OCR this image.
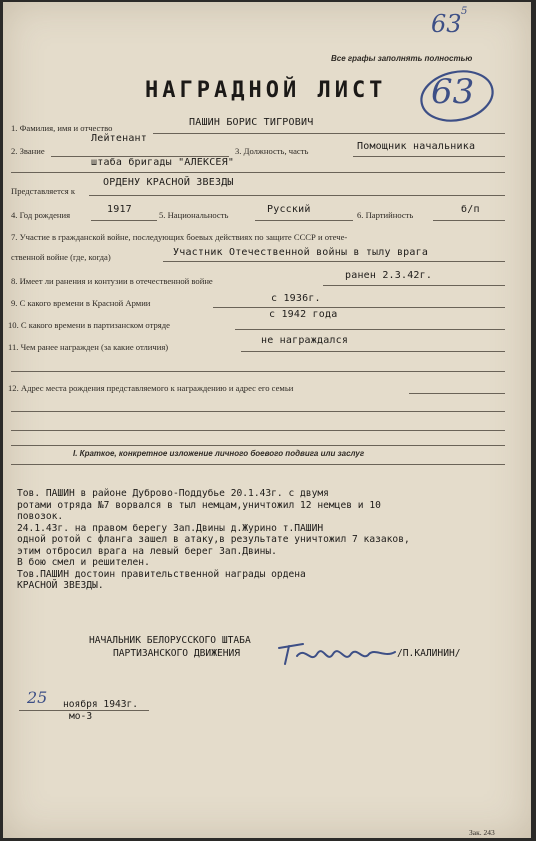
63 5
Все графы заполнять полностью
63
НАГРАДНОЙ ЛИСТ
1. Фамилия, имя и отчество	ПАШИН БОРИС ТИГРОВИЧ
2. Звание
Лейтенант
3. Должность, часть	Помощник начальника
штаба бригады "АЛЕКСЕЯ"
Представляется к
ОРДЕНУ КРАСНОЙ ЗВЕЗДЫ
4. Год рождения	1917	5. Национальность	Русский	6. Партийность	б/п
7. Участие в гражданской войне, последующих боевых действиях по защите СССР и отече-
ственной войне (где, когда)	Участник Отечественной войны в тылу врага
8. Имеет ли ранения и контузии в отечественной войне	ранен 2.3.42г.
9. С какого времени в Красной Армии	с 1936г.
10. С какого времени в партизанском отряде
с 1942 года
11. Чем ранее награжден (за какие отличия)
не награждался
12. Адрес места рождения представляемого к награждению и адрес его семьи
I. Краткое, конкретное изложение личного боевого подвига или заслуг
Тов. ПАШИН в районе Дуброво-Поддубье 20.1.43г. с двумя
ротами отряда №7 ворвался в тыл немцам,уничтожил 12 немцев и 10
повозок.
24.1.43г. на правом берегу Зап.Двины д.Журино т.ПАШИН
одной ротой с фланга зашел в атаку,в результате уничтожил 7 казаков,
этим отбросил врага на левый берег Зап.Двины.
В бою смел и решителен.
Тов.ПАШИН достоин правительственной награды ордена
КРАСНОЙ ЗВЕЗДЫ.
НАЧАЛЬНИК БЕЛОРУССКОГО ШТАБА
ПАРТИЗАНСКОГО ДВИЖЕНИЯ	/П.КАЛИНИН/
25 ноября 1943г.
мо-3
Зак. 243
